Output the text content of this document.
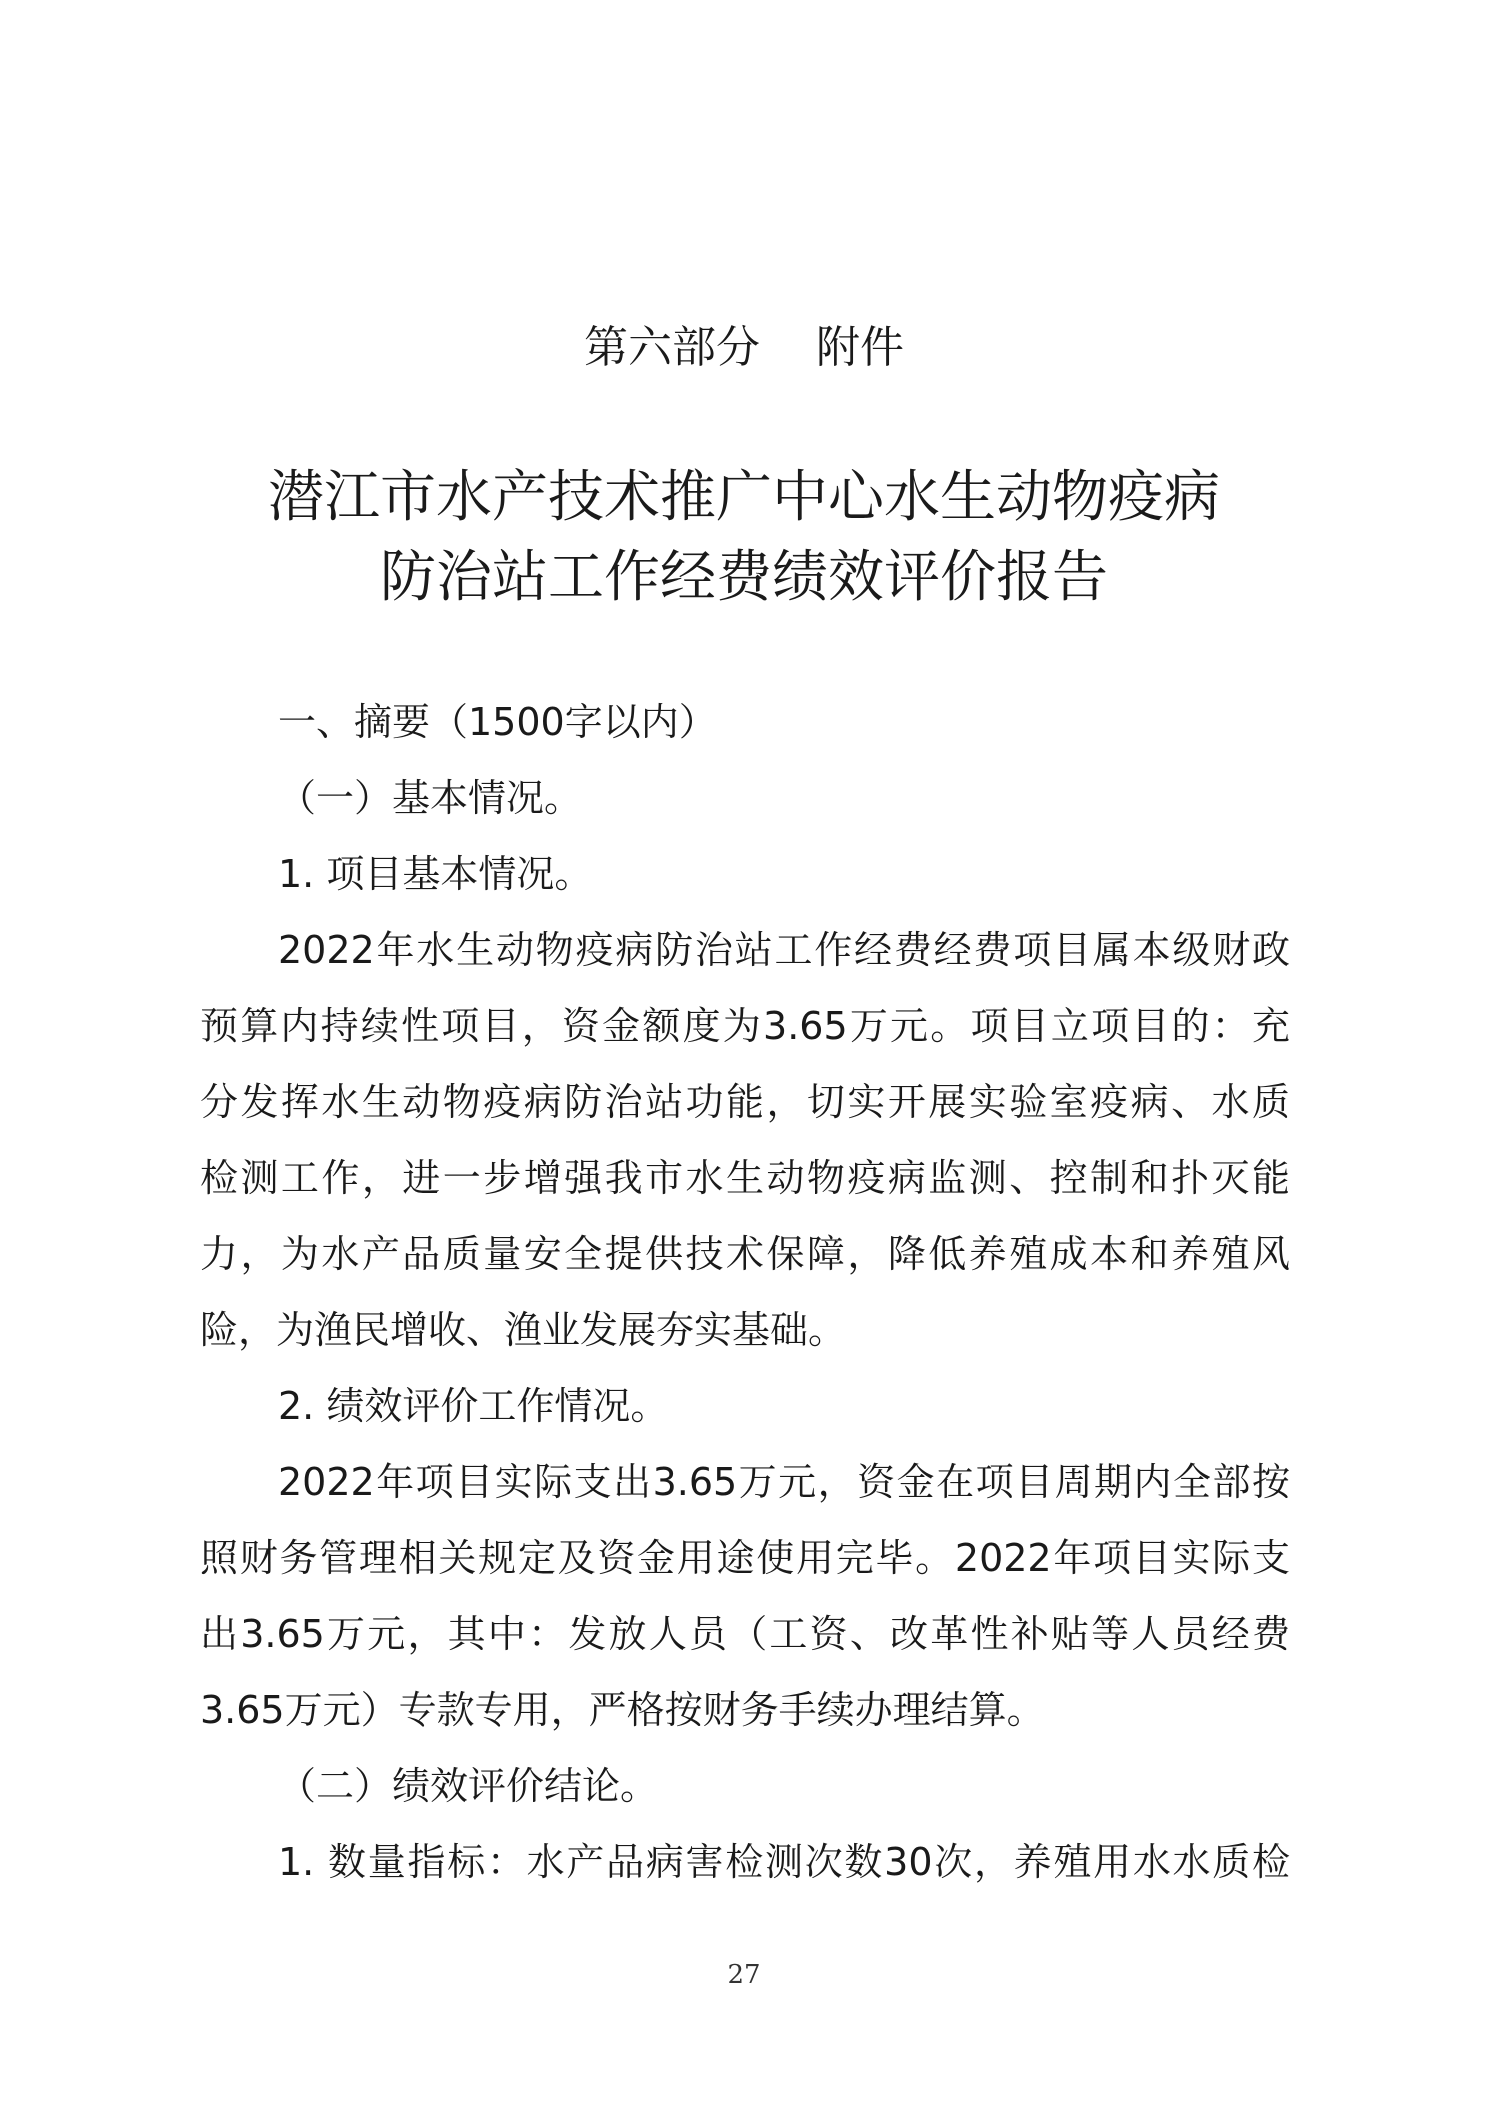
第六部分    附件
潜江市水产技术推广中心水生动物疫病
防治站工作经费绩效评价报告
一、摘要（1500字以内）
（一）基本情况。
1. 项目基本情况。
2022年水生动物疫病防治站工作经费经费项目属本级财政
预算内持续性项目，资金额度为3.65万元。项目立项目的：充
分发挥水生动物疫病防治站功能，切实开展实验室疫病、水质
检测工作，进一步增强我市水生动物疫病监测、控制和扑灭能
力，为水产品质量安全提供技术保障，降低养殖成本和养殖风
险，为渔民增收、渔业发展夯实基础。
2. 绩效评价工作情况。
2022年项目实际支出3.65万元，资金在项目周期内全部按
照财务管理相关规定及资金用途使用完毕。2022年项目实际支
出3.65万元，其中：发放人员（工资、改革性补贴等人员经费
3.65万元）专款专用，严格按财务手续办理结算。
（二）绩效评价结论。
1. 数量指标：水产品病害检测次数30次，养殖用水水质检
27
